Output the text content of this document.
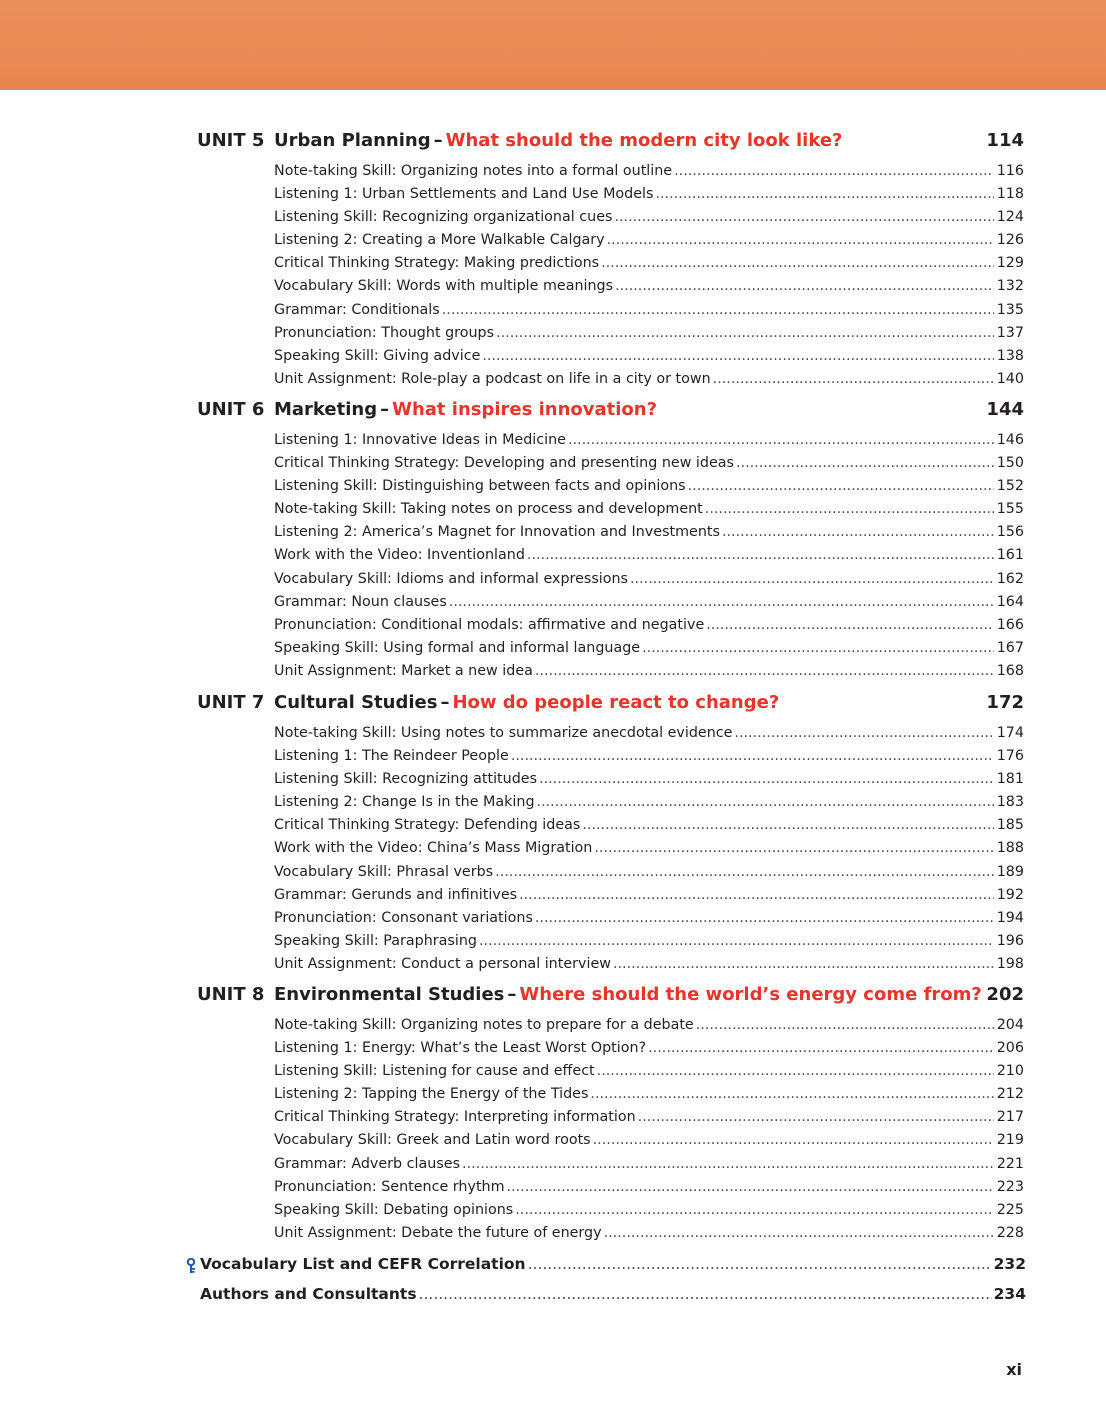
UNIT 5 Urban Planning – What should the modern city look like?	114
Note-taking Skill: Organizing notes into a formal outline .....	116
Listening 1: Urban Settlements and Land Use Models .....	118
Listening Skill: Recognizing organizational cues .....	124
Listening 2: Creating a More Walkable Calgary .....	126
Critical Thinking Strategy: Making predictions .....	129
Vocabulary Skill: Words with multiple meanings .....	132
Grammar: Conditionals .....	135
Pronunciation: Thought groups .....	137
Speaking Skill: Giving advice .....	138
Unit Assignment: Role-play a podcast on life in a city or town .....	140
UNIT 6 Marketing – What inspires innovation?	144
Listening 1: Innovative Ideas in Medicine .....	146
Critical Thinking Strategy: Developing and presenting new ideas .....	150
Listening Skill: Distinguishing between facts and opinions .....	152
Note-taking Skill: Taking notes on process and development .....	155
Listening 2: America’s Magnet for Innovation and Investments .....	156
Work with the Video: Inventionland .....	161
Vocabulary Skill: Idioms and informal expressions .....	162
Grammar: Noun clauses .....	164
Pronunciation: Conditional modals: affirmative and negative .....	166
Speaking Skill: Using formal and informal language .....	167
Unit Assignment: Market a new idea .....	168
UNIT 7 Cultural Studies – How do people react to change?	172
Note-taking Skill: Using notes to summarize anecdotal evidence .....	174
Listening 1: The Reindeer People .....	176
Listening Skill: Recognizing attitudes .....	181
Listening 2: Change Is in the Making .....	183
Critical Thinking Strategy: Defending ideas .....	185
Work with the Video: China’s Mass Migration .....	188
Vocabulary Skill: Phrasal verbs .....	189
Grammar: Gerunds and infinitives .....	192
Pronunciation: Consonant variations .....	194
Speaking Skill: Paraphrasing .....	196
Unit Assignment: Conduct a personal interview .....	198
UNIT 8 Environmental Studies – Where should the world’s energy come from? 202
Note-taking Skill: Organizing notes to prepare for a debate .....	204
Listening 1: Energy: What’s the Least Worst Option? .....	206
Listening Skill: Listening for cause and effect .....	210
Listening 2: Tapping the Energy of the Tides .....	212
Critical Thinking Strategy: Interpreting information .....	217
Vocabulary Skill: Greek and Latin word roots .....	219
Grammar: Adverb clauses .....	221
Pronunciation: Sentence rhythm .....	223
Speaking Skill: Debating opinions .....	225
Unit Assignment: Debate the future of energy .....	228
Vocabulary List and CEFR Correlation .....	232
Authors and Consultants .....	234
xi
